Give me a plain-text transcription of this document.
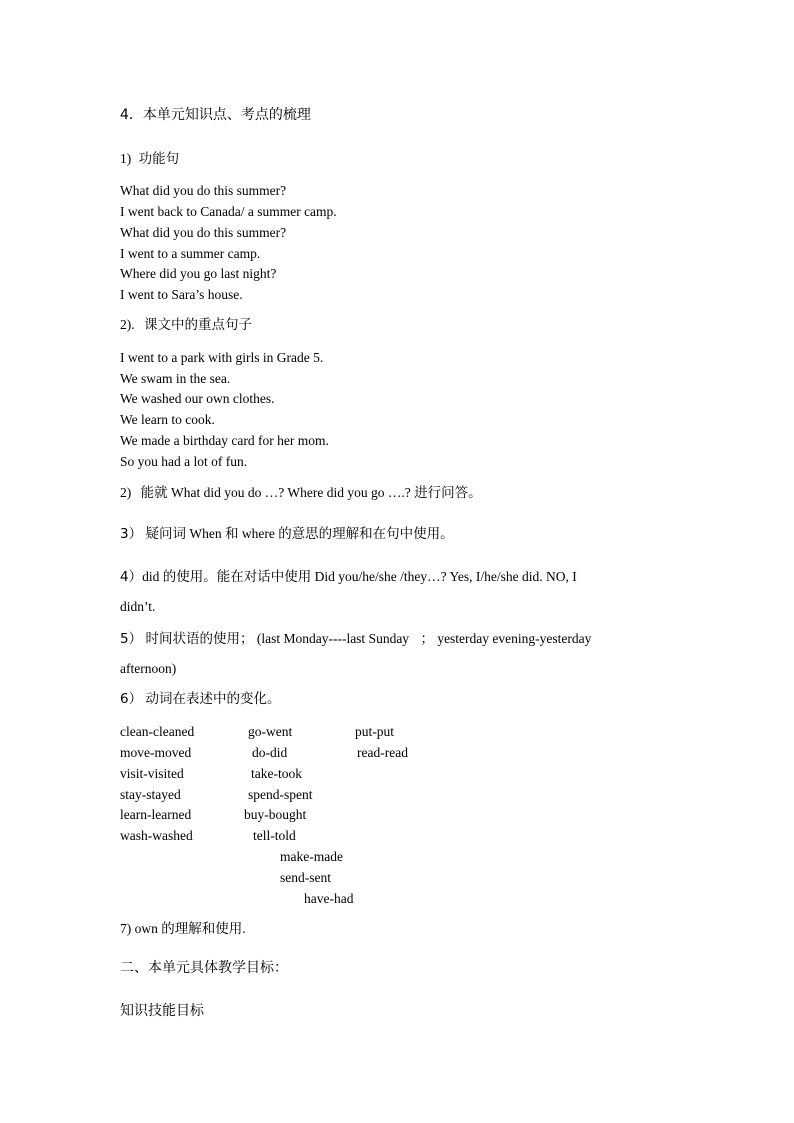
4．本单元知识点、考点的梳理
1) 功能句
What did you do this summer?
I went back to Canada/ a summer camp.
What did you do this summer?
I went to a summer camp.
Where did you go last night?
I went to Sara’s house.
2). 课文中的重点句子
I went to a park with girls in Grade 5.
We swam in the sea.
We washed our own clothes.
We learn to cook.
We made a birthday card for her mom.
So you had a lot of fun.
2) 能就 What did you do …? Where did you go ….? 进行问答。
3） 疑问词 When 和 where 的意思的理解和在句中使用。
4）did 的使用。能在对话中使用 Did you/he/she /they…? Yes, I/he/she did. NO, I
didn’t.
5） 时间状语的使用； (last Monday----last Sunday ； yesterday evening-yesterday
afternoon)
6） 动词在表述中的变化。
clean-cleaned
move-moved
visit-visited
stay-stayed
learn-learned
wash-washed
go-went
do-did
take-took
spend-spent
buy-bought
tell-told
put-put
read-read
make-made
send-sent
have-had
7) own 的理解和使用.
二、本单元具体教学目标：
知识技能目标
